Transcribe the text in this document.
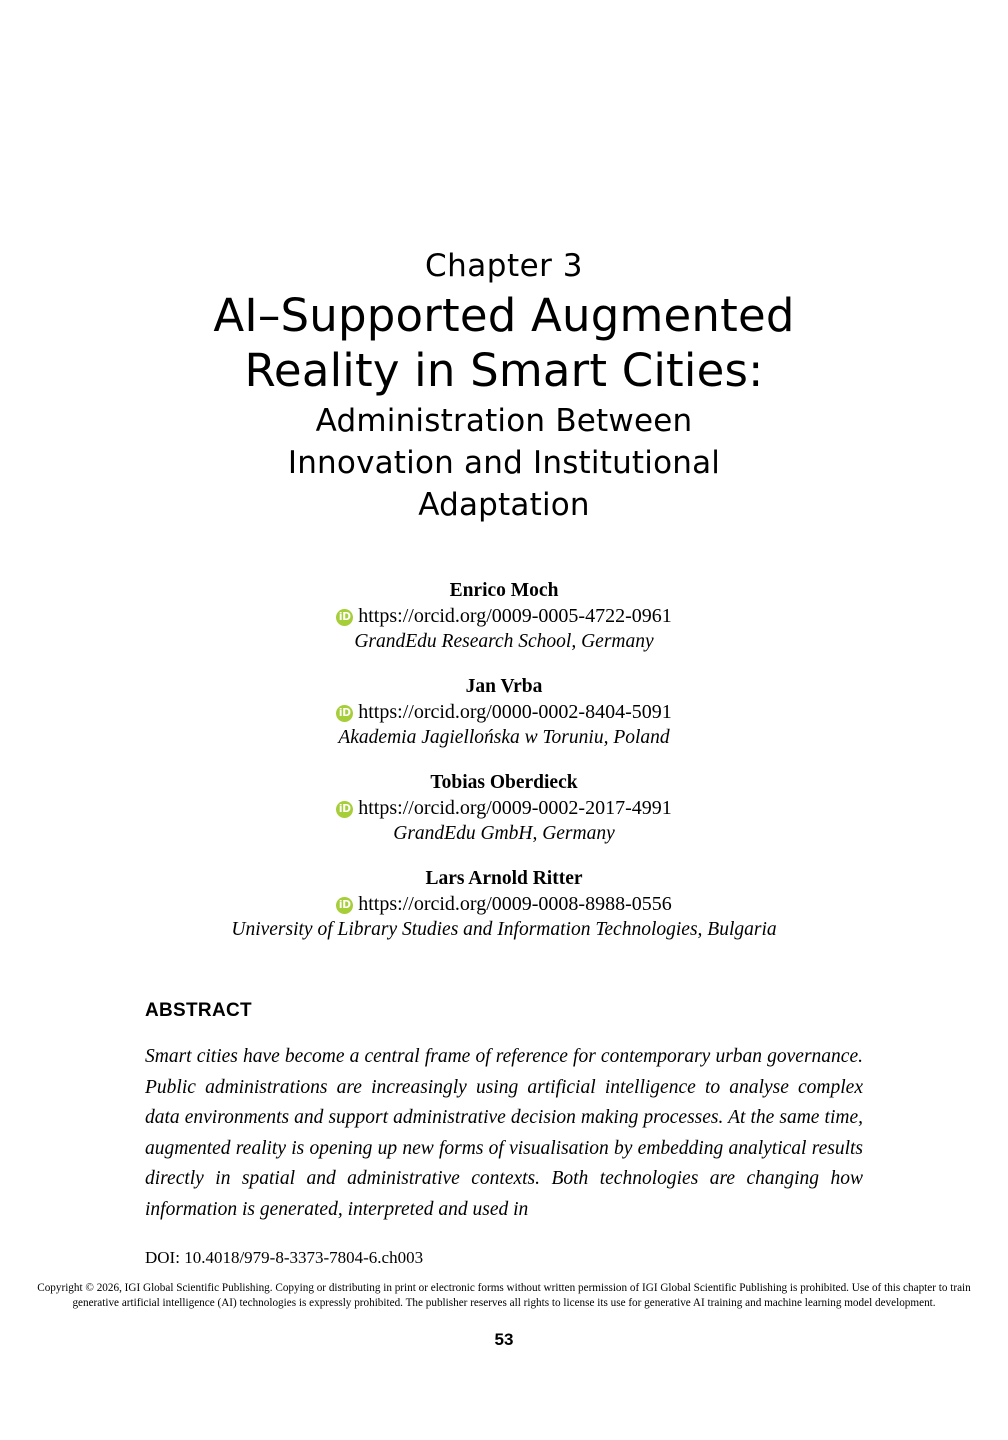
Chapter 3
AI–Supported Augmented
Reality in Smart Cities:
Administration Between
Innovation and Institutional
Adaptation
Enrico Moch
iD https://orcid.org/0009-0005-4722-0961
GrandEdu Research School, Germany
Jan Vrba
iD https://orcid.org/0000-0002-8404-5091
Akademia Jagiellońska w Toruniu, Poland
Tobias Oberdieck
iD https://orcid.org/0009-0002-2017-4991
GrandEdu GmbH, Germany
Lars Arnold Ritter
iD https://orcid.org/0009-0008-8988-0556
University of Library Studies and Information Technologies, Bulgaria
ABSTRACT
Smart cities have become a central frame of reference for contemporary urban governance. Public administrations are increasingly using artificial intelligence to analyse complex data environments and support administrative decision making processes. At the same time, augmented reality is opening up new forms of visualisation by embedding analytical results directly in spatial and administrative contexts. Both technologies are changing how information is generated, interpreted and used in
DOI: 10.4018/979-8-3373-7804-6.ch003
Copyright © 2026, IGI Global Scientific Publishing. Copying or distributing in print or electronic forms without written permission of IGI Global Scientific Publishing is prohibited. Use of this chapter to train generative artificial intelligence (AI) technologies is expressly prohibited. The publisher reserves all rights to license its use for generative AI training and machine learning model development.
53
